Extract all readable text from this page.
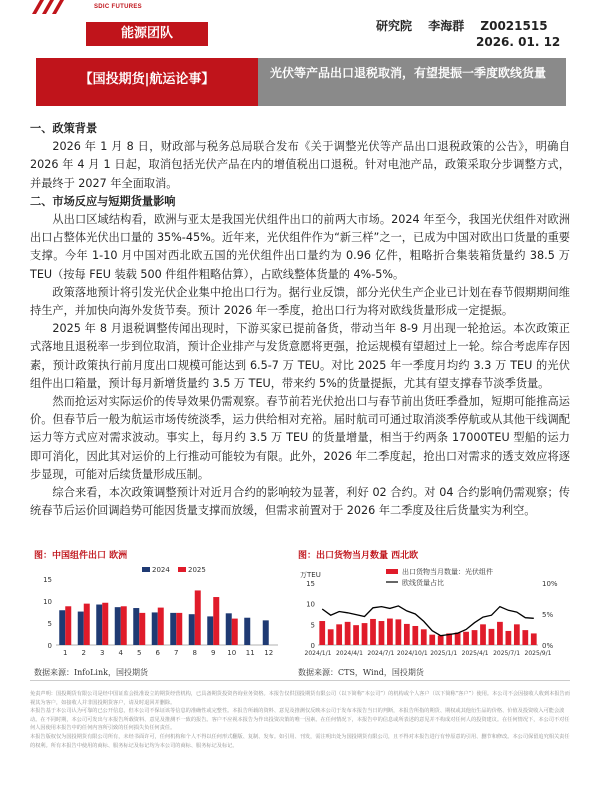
SDIC FUTURES
能源团队	研究院 李海群 Z0021515
2026. 01. 12
【国投期货|航运论事】	光伏等产品出口退税取消，有望提振一季度欧线货量
一、政策背景

2026 年 1 月 8 日，财政部与税务总局联合发布《关于调整光伏等产品出口退税政策的公告》，明确自 2026 年 4 月 1 日起，取消包括光伏产品在内的增值税出口退税。针对电池产品，政策采取分步调整方式，并最终于 2027 年全面取消。

二、市场反应与短期货量影响

从出口区域结构看，欧洲与亚太是我国光伏组件出口的前两大市场。2024 年至今，我国光伏组件对欧洲出口占整体光伏出口量的 35%-45%。近年来，光伏组件作为“新三样”之一，已成为中国对欧出口货量的重要支撑。今年 1-10 月中国对西北欧五国的光伏组件出口量约为 0.96 亿件，粗略折合集装箱货量约 38.5 万 TEU（按每 FEU 装载 500 件组件粗略估算），占欧线整体货量的 4%-5%。

政策落地预计将引发光伏企业集中抢出口行为。据行业反馈，部分光伏生产企业已计划在春节假期期间维持生产，并加快向海外发货节奏。预计 2026 年一季度，抢出口行为将对欧线货量形成一定提振。

2025 年 8 月退税调整传闻出现时，下游买家已提前备货，带动当年 8-9 月出现一轮抢运。本次政策正式落地且退税率一步到位取消，预计企业排产与发货意愿将更强，抢运规模有望超过上一轮。综合考虑库存因素，预计政策执行前月度出口规模可能达到 6.5-7 万 TEU。对比 2025 年一季度月均约 3.3 万 TEU 的光伏组件出口箱量，预计每月新增货量约 3.5 万 TEU，带来约 5%的货量提振，尤其有望支撑春节淡季货量。

然而抢运对实际运价的传导效果仍需观察。春节前若光伏抢出口与春节前出货旺季叠加，短期可能推高运价。但春节后一般为航运市场传统淡季，运力供给相对充裕。届时航司可通过取消淡季停航或从其他干线调配运力等方式应对需求波动。事实上，每月约 3.5 万 TEU 的货量增量，相当于约两条 17000TEU 型船的运力即可消化，因此其对运价的上行推动可能较为有限。此外，2026 年二季度起，抢出口对需求的透支效应将逐步显现，可能对后续货量形成压制。

综合来看，本次政策调整预计对近月合约的影响较为显著，利好 02 合约。对 04 合约影响仍需观察；传统春节后运价回调趋势可能因货量支撑而放缓，但需求前置对于 2026 年二季度及往后货量实为利空。

图：中国组件出口 欧洲
0
5
10
15
2024	2025
1 2 3 4 5 6 7 8 9 10 11 12
数据来源：InfoLink，国投期货
图：出口货物当月数量 西北欧
万TEU
0
5
10
15
0%
5%
10%
出口货物当月数量：光伏组件
欧线货量占比
2024/1/1 2024/4/1 2024/7/1 2024/10/1 2025/1/1 2025/4/1 2025/7/1 2025/9/1
数据来源：CTS，Wind，国投期货

免责声明：国投期货有限公司是经中国证监会批准设立的期货经营机构，已具备期货投资咨询业务资格。本报告仅供国投期货有限公司（以下简称“本公司”）的机构或个人客户（以下简称“客户”）使用。本公司不会因接收人收到本报告而视其为客户，如接收人并非国投期货客户，请及时退回并删除。

本报告基于本公司认为可靠的已公开信息，但本公司不保证该等信息的准确性或完整性。本报告所载的资料、意见及推测仅反映本公司于发布本报告当日的判断，本报告所指的期货、期权或其他衍生品的价格、价值及投资收入可能会波动。在不同时期，本公司可发出与本报告所载资料、意见及推测不一致的报告。客户不应视本报告为作出投资决策的唯一因素。在任何情况下，本报告中的信息或所表述的意见并不构成对任何人的投资建议。在任何情况下，本公司不对任何人因使用本报告中的任何内容所引致的任何损失负任何责任。

本报告版权仅为国投期货有限公司所有，未经书面许可，任何机构和个人不得以任何形式翻版、复制、发布。如引用、刊发，需注明出处为国投期货有限公司，且不得对本报告进行有悖原意的引用、删节和修改。本公司保留追究相关责任的权利。所有本报告中使用的商标、服务标记及标记均为本公司的商标、服务标记及标记。
